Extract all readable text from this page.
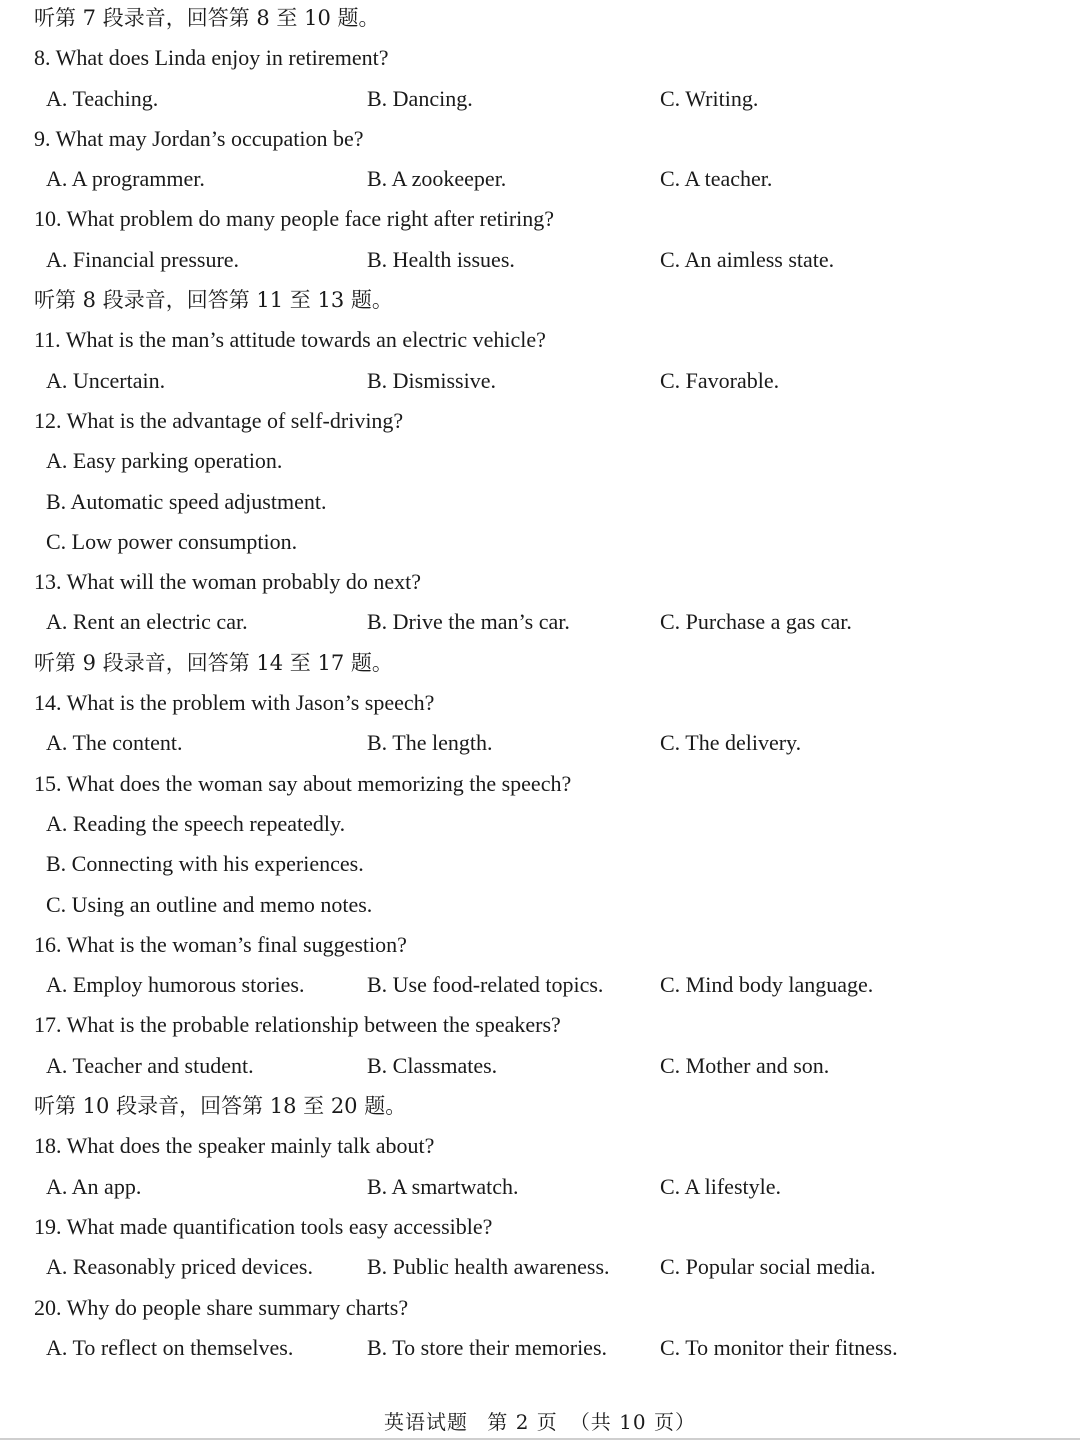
听第 7 段录音，回答第 8 至 10 题。
8. What does Linda enjoy in retirement?
A. Teaching.	B. Dancing.	C. Writing.
9. What may Jordan’s occupation be?
A. A programmer.	B. A zookeeper.	C. A teacher.
10. What problem do many people face right after retiring?
A. Financial pressure.	B. Health issues.	C. An aimless state.
听第 8 段录音，回答第 11 至 13 题。
11. What is the man’s attitude towards an electric vehicle?
A. Uncertain.	B. Dismissive.	C. Favorable.
12. What is the advantage of self-driving?
A. Easy parking operation.
B. Automatic speed adjustment.
C. Low power consumption.
13. What will the woman probably do next?
A. Rent an electric car.	B. Drive the man’s car.	C. Purchase a gas car.
听第 9 段录音，回答第 14 至 17 题。
14. What is the problem with Jason’s speech?
A. The content.	B. The length.	C. The delivery.
15. What does the woman say about memorizing the speech?
A. Reading the speech repeatedly.
B. Connecting with his experiences.
C. Using an outline and memo notes.
16. What is the woman’s final suggestion?
A. Employ humorous stories.	B. Use food-related topics.	C. Mind body language.
17. What is the probable relationship between the speakers?
A. Teacher and student.	B. Classmates.	C. Mother and son.
听第 10 段录音，回答第 18 至 20 题。
18. What does the speaker mainly talk about?
A. An app.	B. A smartwatch.	C. A lifestyle.
19. What made quantification tools easy accessible?
A. Reasonably priced devices. B. Public health awareness. C. Popular social media.
20. Why do people share summary charts?
A. To reflect on themselves.	B. To store their memories. C. To monitor their fitness.
英语试题 第 2 页 （共 10 页）
